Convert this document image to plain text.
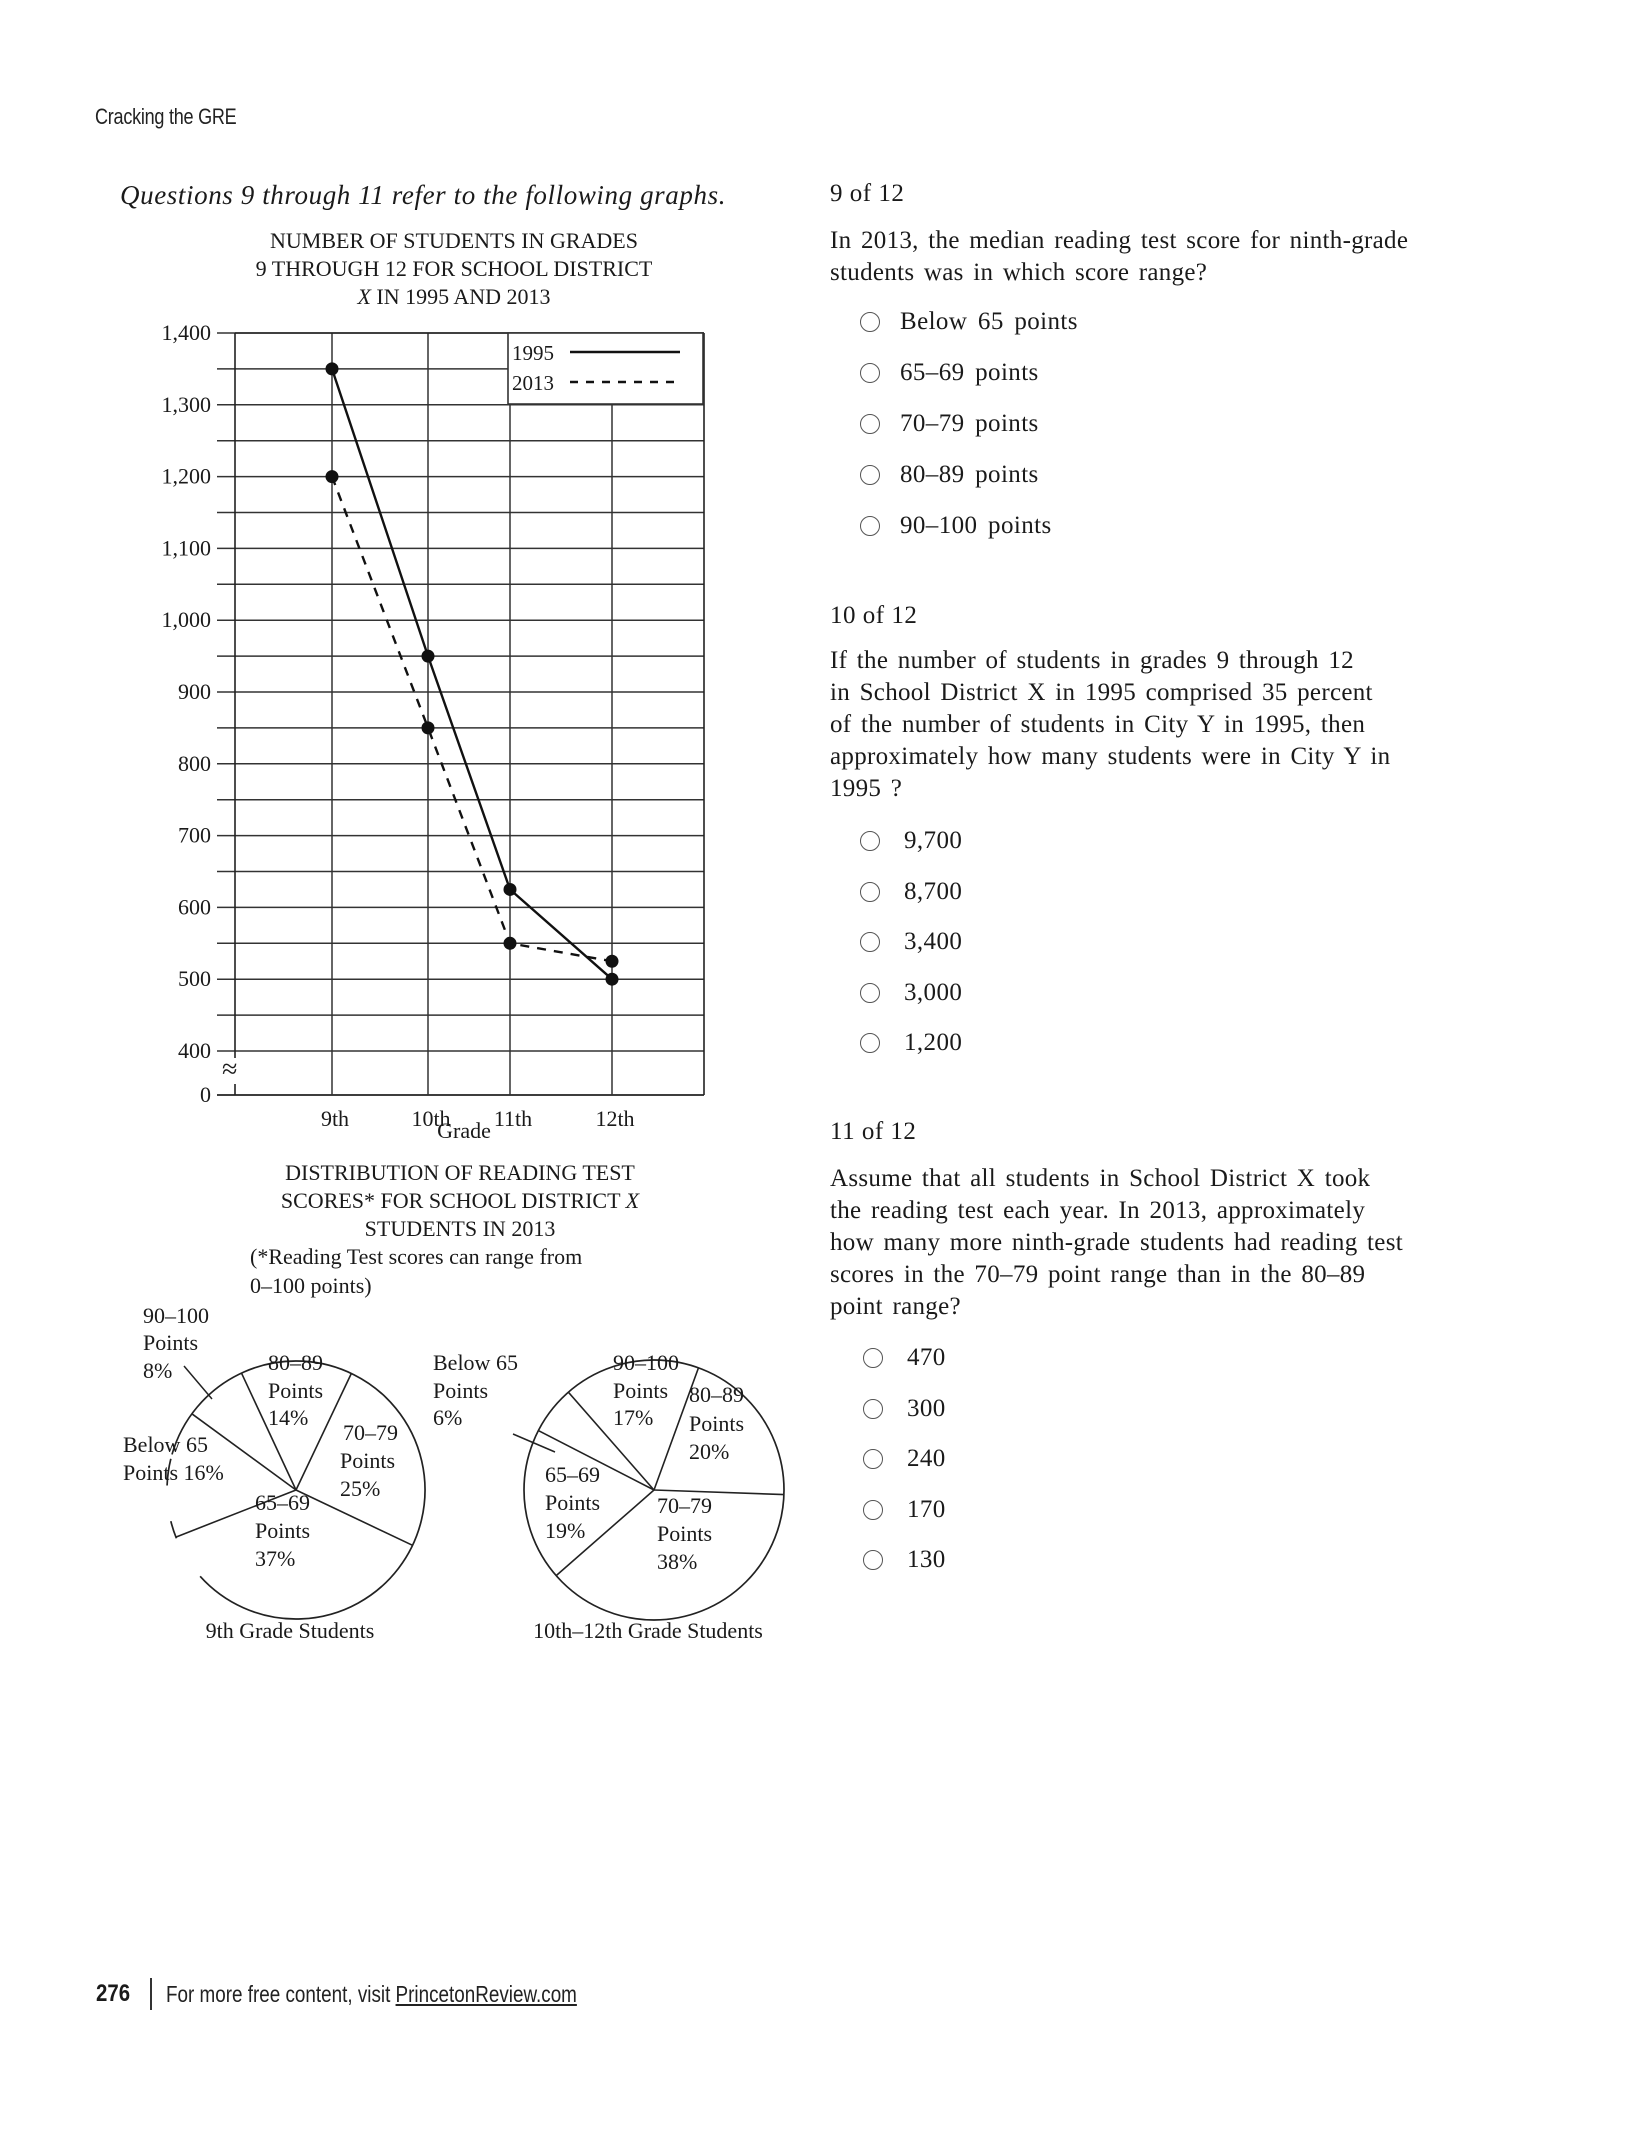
Cracking the GRE
Questions 9 through 11 refer to the following graphs.
NUMBER OF STUDENTS IN GRADES
9 THROUGH 12 FOR SCHOOL DISTRICT
X IN 1995 AND 2013
0
400
500
600
700
800
900
1,000
1,100
1,200
1,300
1,400
9th	10th 11th	12th
1995
2013
≈
Grade
DISTRIBUTION OF READING TEST
SCORES* FOR SCHOOL DISTRICT X
STUDENTS IN 2013
(*Reading Test scores can range from
0–100 points)
80–89
Points
14%
70–79
Points
25%
65–69
Points
37%
Below 65
Points 16%
90–100
Points
8%	90–100
Points
17%
80–89
Points
20%
70–79
Points
38%
65–69
Points
19%
Below 65
Points
6%
9th Grade Students	10th–12th Grade Students
9 of 12
In 2013, the median reading test score for ninth-grade
students was in which score range?
Below 65 points
65–69 points
70–79 points
80–89 points
90–100 points
10 of 12
If the number of students in grades 9 through 12
in School District X in 1995 comprised 35 percent
of the number of students in City Y in 1995, then
approximately how many students were in City Y in
1995 ?
9,700
8,700
3,400
3,000
1,200
11 of 12
Assume that all students in School District X took
the reading test each year. In 2013, approximately
how many more ninth-grade students had reading test
scores in the 70–79 point range than in the 80–89
point range?
470
300
240
170
130
276 For more free content, visit PrincetonReview.com
